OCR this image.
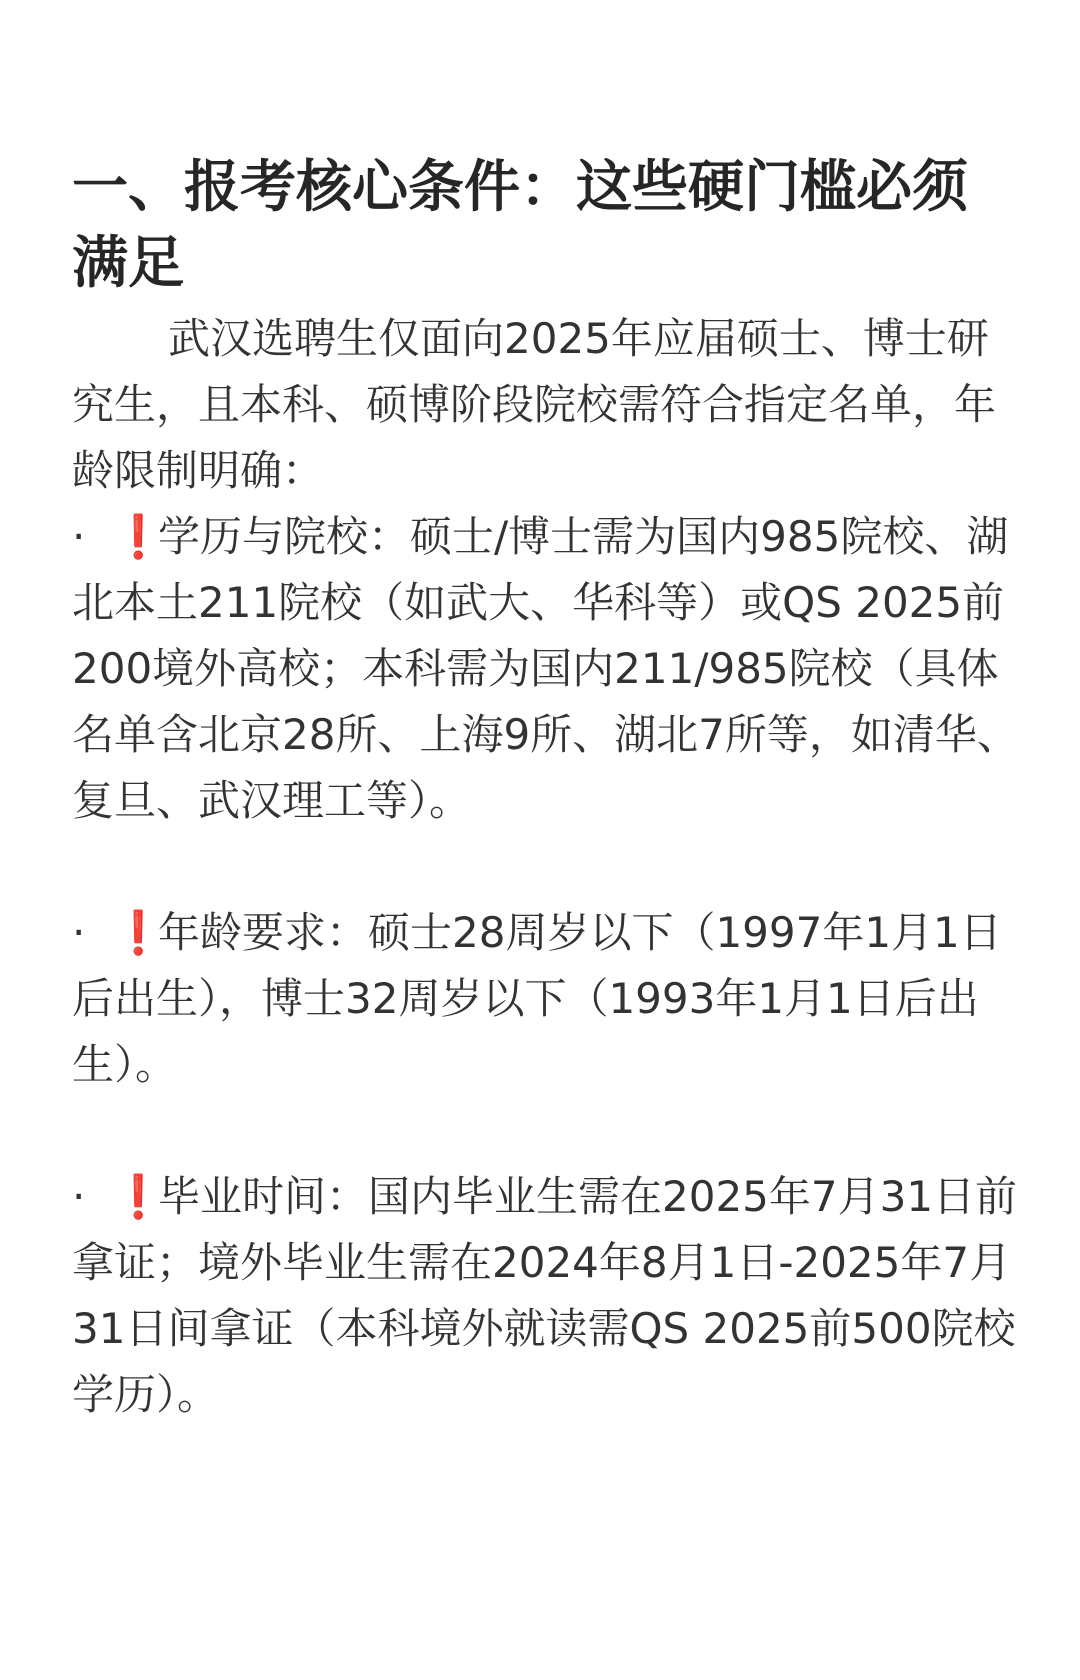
一、报考核心条件：这些硬门槛必须满足

武汉选聘生仅面向2025年应届硕士、博士研究生，且本科、硕博阶段院校需符合指定名单，年龄限制明确：

· ❗学历与院校：硕士/博士需为国内985院校、湖北本土211院校（如武大、华科等）或QS 2025前200境外高校；本科需为国内211/985院校（具体名单含北京28所、上海9所、湖北7所等，如清华、复旦、武汉理工等）。

· ❗年龄要求：硕士28周岁以下（1997年1月1日后出生），博士32周岁以下（1993年1月1日后出生）。

· ❗毕业时间：国内毕业生需在2025年7月31日前拿证；境外毕业生需在2024年8月1日-2025年7月31日间拿证（本科境外就读需QS 2025前500院校学历）。
